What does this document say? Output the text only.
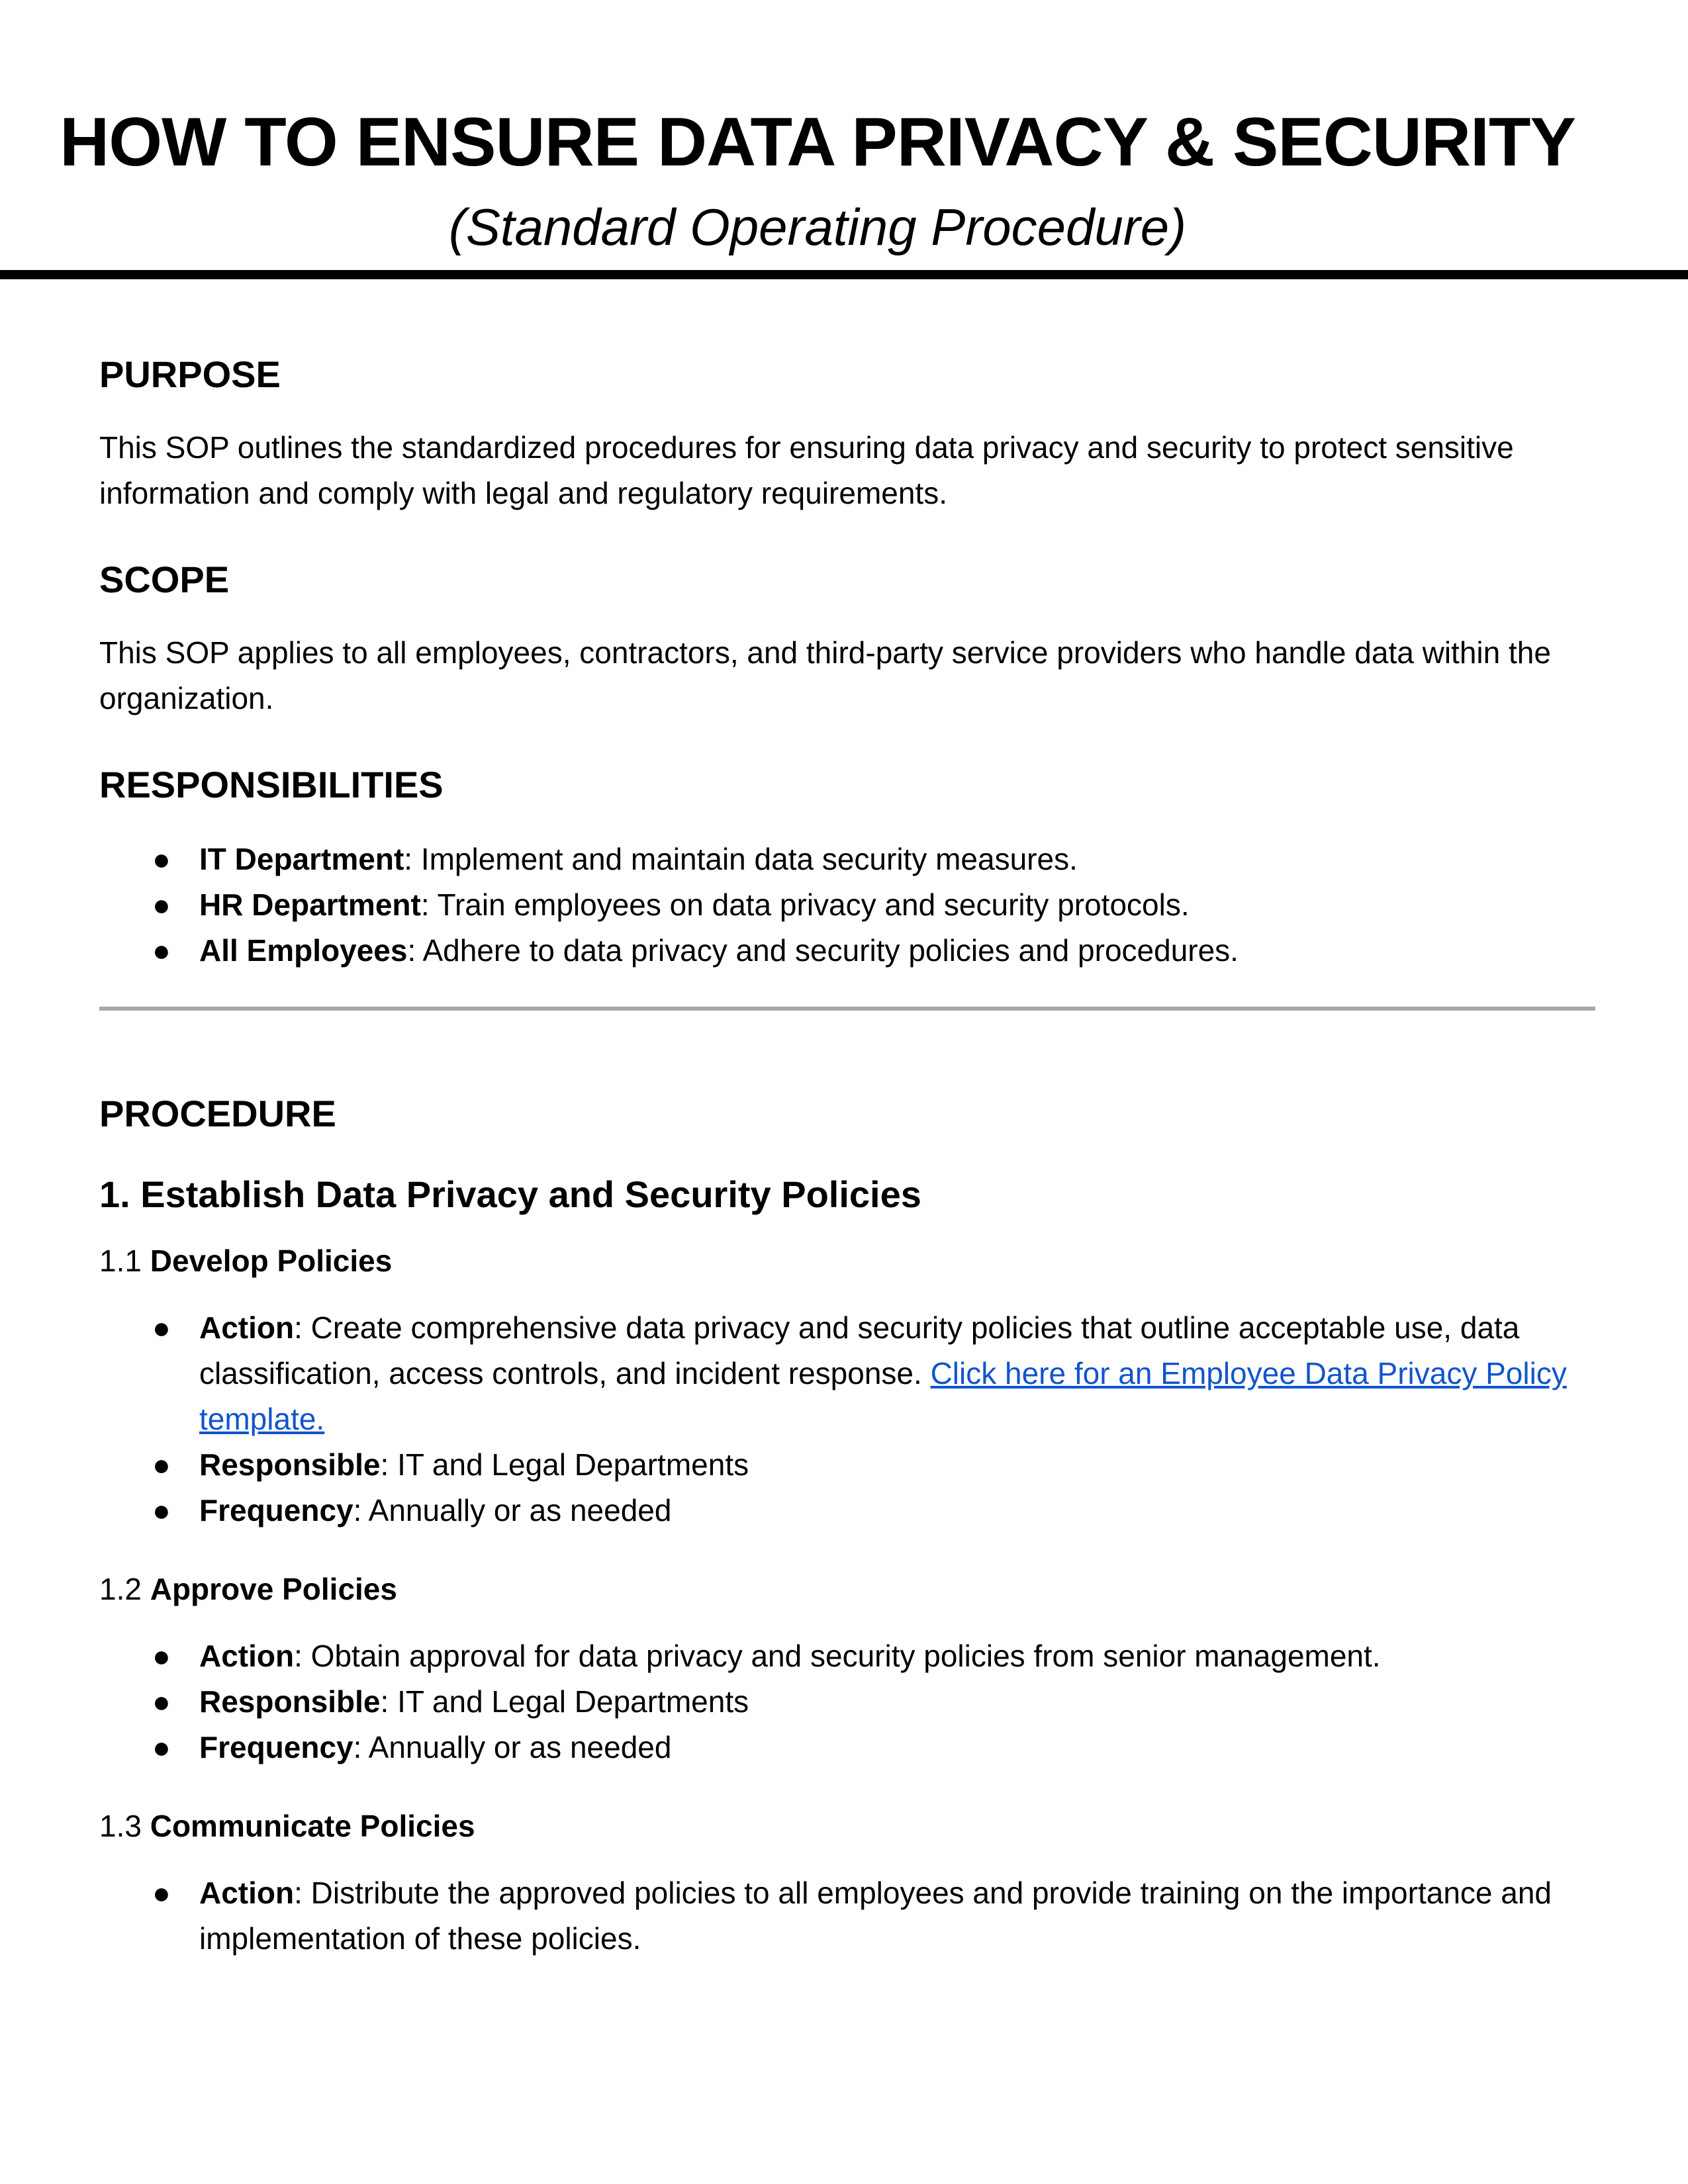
HOW TO ENSURE DATA PRIVACY & SECURITY
(Standard Operating Procedure)
PURPOSE

This SOP outlines the standardized procedures for ensuring data privacy and security to protect sensitive information and comply with legal and regulatory requirements.

SCOPE

This SOP applies to all employees, contractors, and third-party service providers who handle data within the organization.

RESPONSIBILITIES
● IT Department: Implement and maintain data security measures.
● HR Department: Train employees on data privacy and security protocols.
● All Employees: Adhere to data privacy and security policies and procedures.
PROCEDURE
1. Establish Data Privacy and Security Policies
1.1 Develop Policies
● Action: Create comprehensive data privacy and security policies that outline acceptable use, data classification, access controls, and incident response. Click here for an Employee Data Privacy Policy template.
● Responsible: IT and Legal Departments
● Frequency: Annually or as needed
1.2 Approve Policies
● Action: Obtain approval for data privacy and security policies from senior management.
● Responsible: IT and Legal Departments
● Frequency: Annually or as needed
1.3 Communicate Policies
● Action: Distribute the approved policies to all employees and provide training on the importance and implementation of these policies.
